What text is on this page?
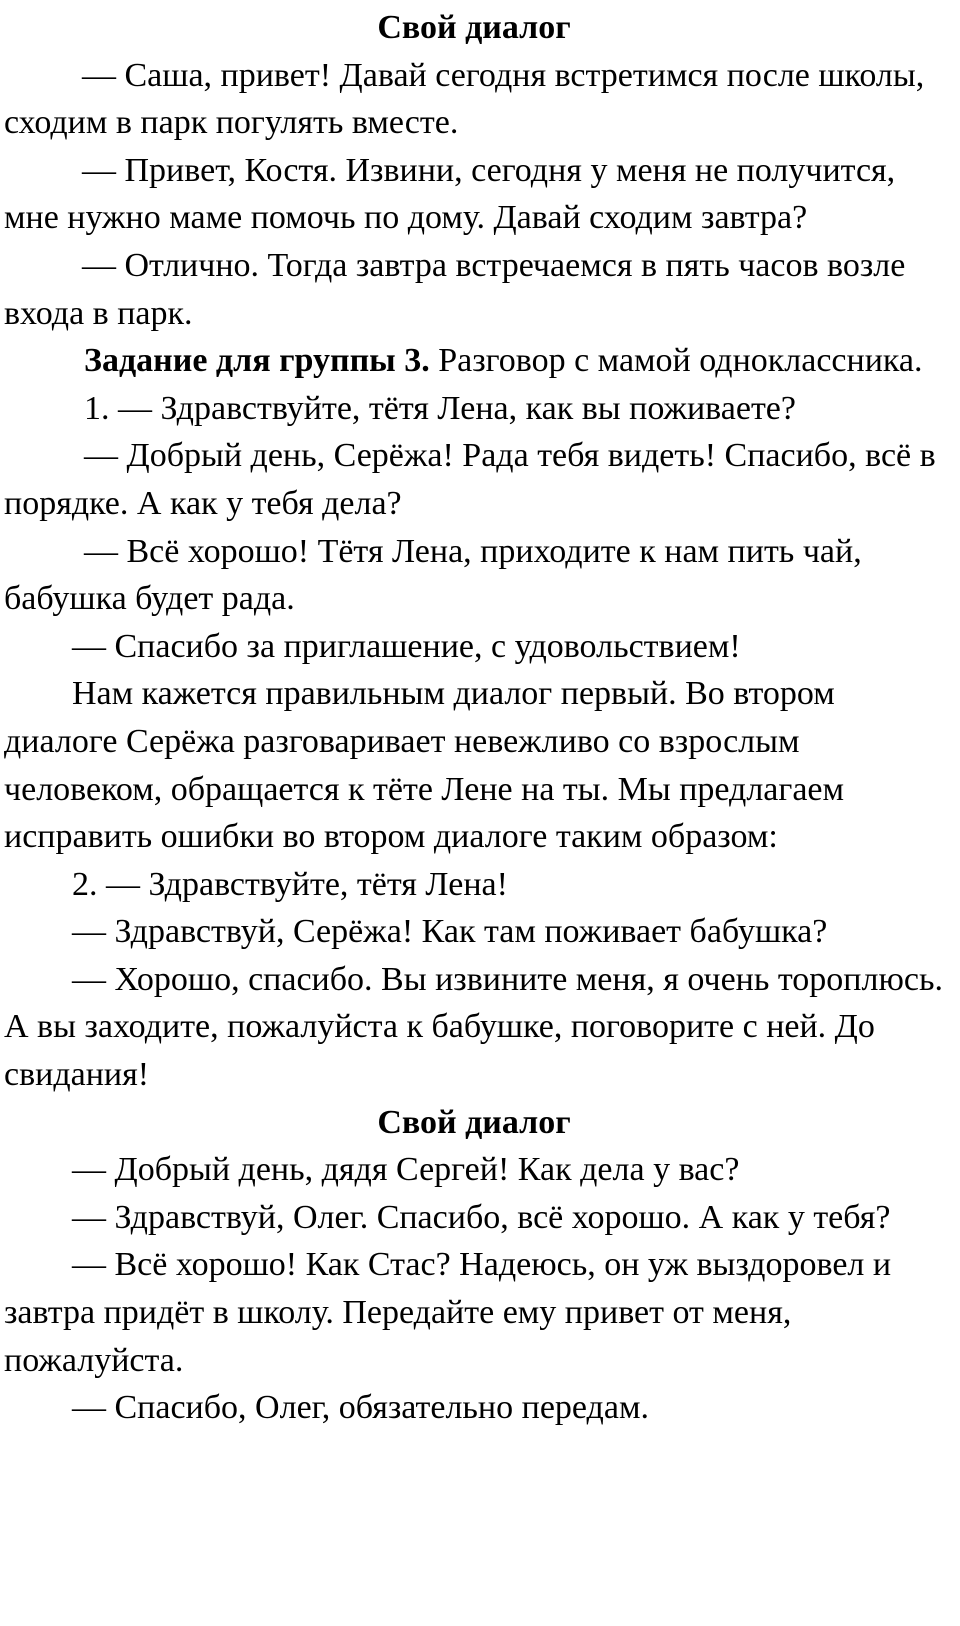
Свой диалог

— Саша, привет! Давай сегодня встретимся после школы, сходим в парк погулять вместе.

— Привет, Костя. Извини, сегодня у меня не получится, мне нужно маме помочь по дому. Давай сходим завтра?

— Отлично. Тогда завтра встречаемся в пять часов возле входа в парк.

Задание для группы 3. Разговор с мамой одноклассника.

1. — Здравствуйте, тётя Лена, как вы поживаете?

— Добрый день, Серёжа! Рада тебя видеть! Спасибо, всё в порядке. А как у тебя дела?

— Всё хорошо! Тётя Лена, приходите к нам пить чай, бабушка будет рада.

— Спасибо за приглашение, с удовольствием!

Нам кажется правильным диалог первый. Во втором диалоге Серёжа разговаривает невежливо со взрослым человеком, обращается к тёте Лене на ты. Мы предлагаем исправить ошибки во втором диалоге таким образом:

2. — Здравствуйте, тётя Лена!

— Здравствуй, Серёжа! Как там поживает бабушка?

— Хорошо, спасибо. Вы извините меня, я очень тороплюсь. А вы заходите, пожалуйста к бабушке, поговорите с ней. До свидания!

Свой диалог

— Добрый день, дядя Сергей! Как дела у вас?

— Здравствуй, Олег. Спасибо, всё хорошо. А как у тебя?

— Всё хорошо! Как Стас? Надеюсь, он уж выздоровел и завтра придёт в школу. Передайте ему привет от меня, пожалуйста.

— Спасибо, Олег, обязательно передам.
